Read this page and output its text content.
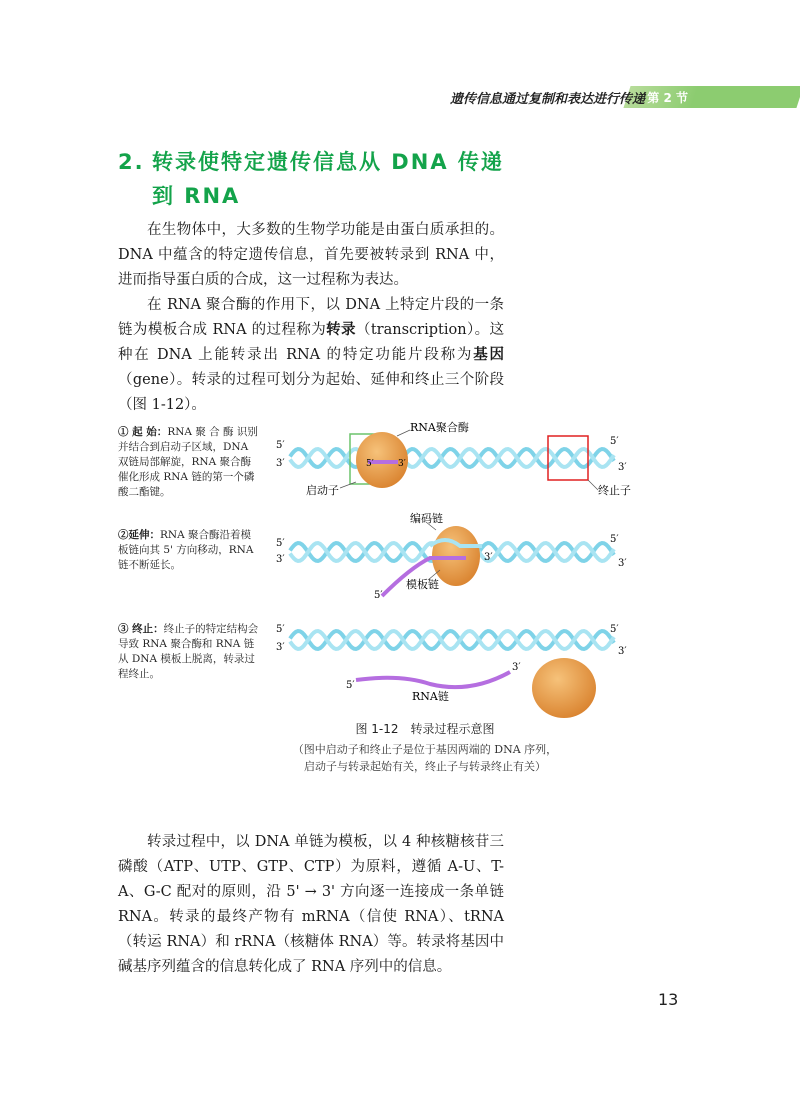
第 2 节
遗传信息通过复制和表达进行传递
2. 转录使特定遗传信息从 DNA 传递
到 RNA

在生物体中，大多数的生物学功能是由蛋白质承担的。DNA 中蕴含的特定遗传信息，首先要被转录到 RNA 中，进而指导蛋白质的合成，这一过程称为表达。

在 RNA 聚合酶的作用下，以 DNA 上特定片段的一条链为模板合成 RNA 的过程称为转录（transcription）。这种在 DNA 上能转录出 RNA 的特定功能片段称为基因（gene）。转录的过程可划分为起始、延伸和终止三个阶段（图 1-12）。

① 起 始：RNA 聚 合 酶 识别并结合到启动子区域，DNA 双链局部解旋，RNA 聚合酶催化形成 RNA 链的第一个磷酸二酯键。
②延伸：RNA 聚合酶沿着模板链向其 5' 方向移动，RNA 链不断延长。
③ 终止：终止子的特定结构会导致 RNA 聚合酶和 RNA 链从 DNA 模板上脱离，转录过程终止。
RNA聚合酶
启动子	终止子
5′
3′	5′	3′
5′
3′
编码链
模板链
5′
3′
5′
3′
5′
3′
5′
3′
RNA链
5′
3′
5′
3′
图 1-12　转录过程示意图
（图中启动子和终止子是位于基因两端的 DNA 序列，
启动子与转录起始有关，终止子与转录终止有关）

转录过程中，以 DNA 单链为模板，以 4 种核糖核苷三磷酸（ATP、UTP、GTP、CTP）为原料，遵循 A-U、T-A、G-C 配对的原则，沿 5' → 3' 方向逐一连接成一条单链 RNA。转录的最终产物有 mRNA（信使 RNA）、tRNA（转运 RNA）和 rRNA（核糖体 RNA）等。转录将基因中碱基序列蕴含的信息转化成了 RNA 序列中的信息。

13
